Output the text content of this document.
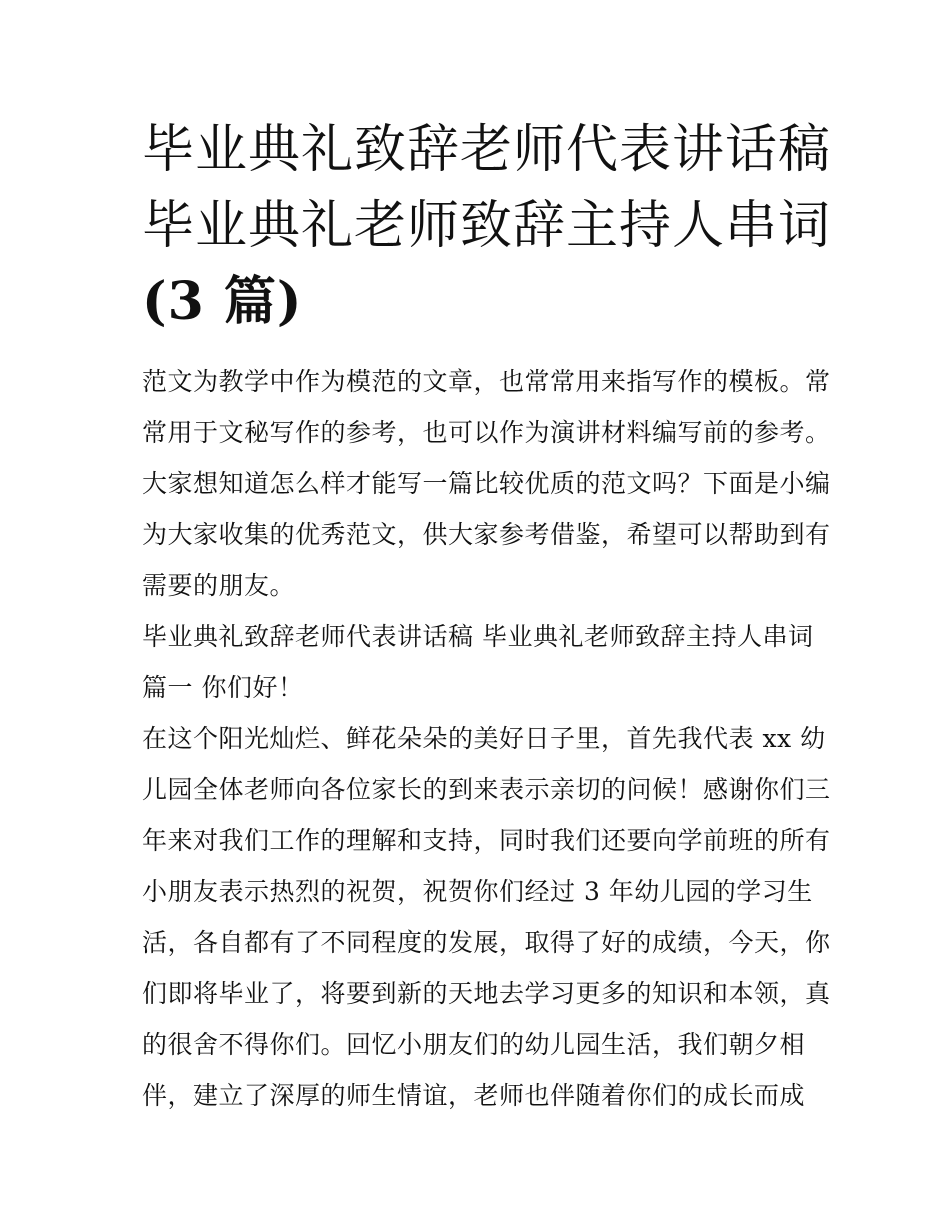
毕业典礼致辞老师代表讲话稿
毕业典礼老师致辞主持人串词
(3 篇)
范文为教学中作为模范的文章，也常常用来指写作的模板。常
常用于文秘写作的参考，也可以作为演讲材料编写前的参考。
大家想知道怎么样才能写一篇比较优质的范文吗？下面是小编
为大家收集的优秀范文，供大家参考借鉴，希望可以帮助到有
需要的朋友。
毕业典礼致辞老师代表讲话稿 毕业典礼老师致辞主持人串词
篇一 你们好！
在这个阳光灿烂、鲜花朵朵的美好日子里，首先我代表 xx 幼
儿园全体老师向各位家长的到来表示亲切的问候！感谢你们三
年来对我们工作的理解和支持，同时我们还要向学前班的所有
小朋友表示热烈的祝贺，祝贺你们经过 3 年幼儿园的学习生
活，各自都有了不同程度的发展，取得了好的成绩，今天，你
们即将毕业了，将要到新的天地去学习更多的知识和本领，真
的很舍不得你们。回忆小朋友们的幼儿园生活，我们朝夕相
伴，建立了深厚的师生情谊，老师也伴随着你们的成长而成
